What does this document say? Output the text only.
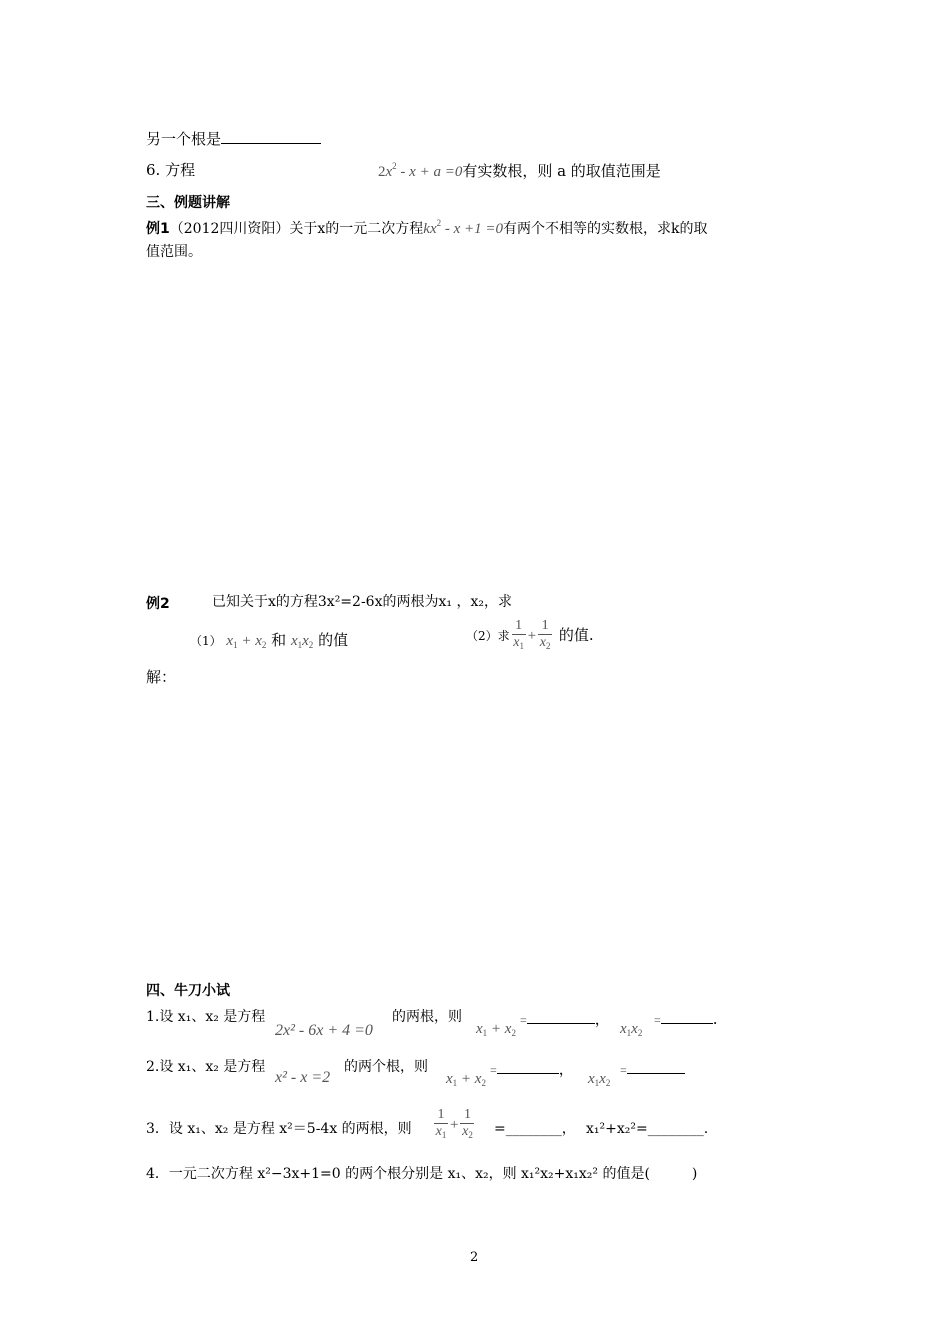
另一个根是
6. 方程	$2x^2 - x + a =0$有实数根，则 a 的取值范围是
三、例题讲解
例1（2012四川资阳）关于x的一元二次方程$kx^2 - x +1 =0$有两个不相等的实数根，求k的取
值范围。
例2	已知关于x的方程3x²=2-6x的两根为x₁ ，x₂，求
（1） $x_1 + x_2$ 和 $x_1x_2$ 的值	（2）求 $\frac{1}{x_1} + \frac{1}{x_2}$ 的值.
解：
四、牛刀小试
1.设 x₁、x₂ 是方程
2x² - 6x + 4 =0
的两根，则
$x_1 + x_2$
=	，
$x_1x_2$
=	.
2.设 x₁、x₂ 是方程
x² - x =2
的两个根，则
$x_1 + x_2$
=	，
$x_1x_2$
=
3．设 x₁、x₂ 是方程 x²＝5-4x 的两根，则 $\frac{1}{x_1} + \frac{1}{x_2}$ =________， x₁²+x₂²=________.
4．一元二次方程 x²−3x+1=0 的两个根分别是 x₁、x₂，则 x₁²x₂+x₁x₂² 的值是(　　　)
2
